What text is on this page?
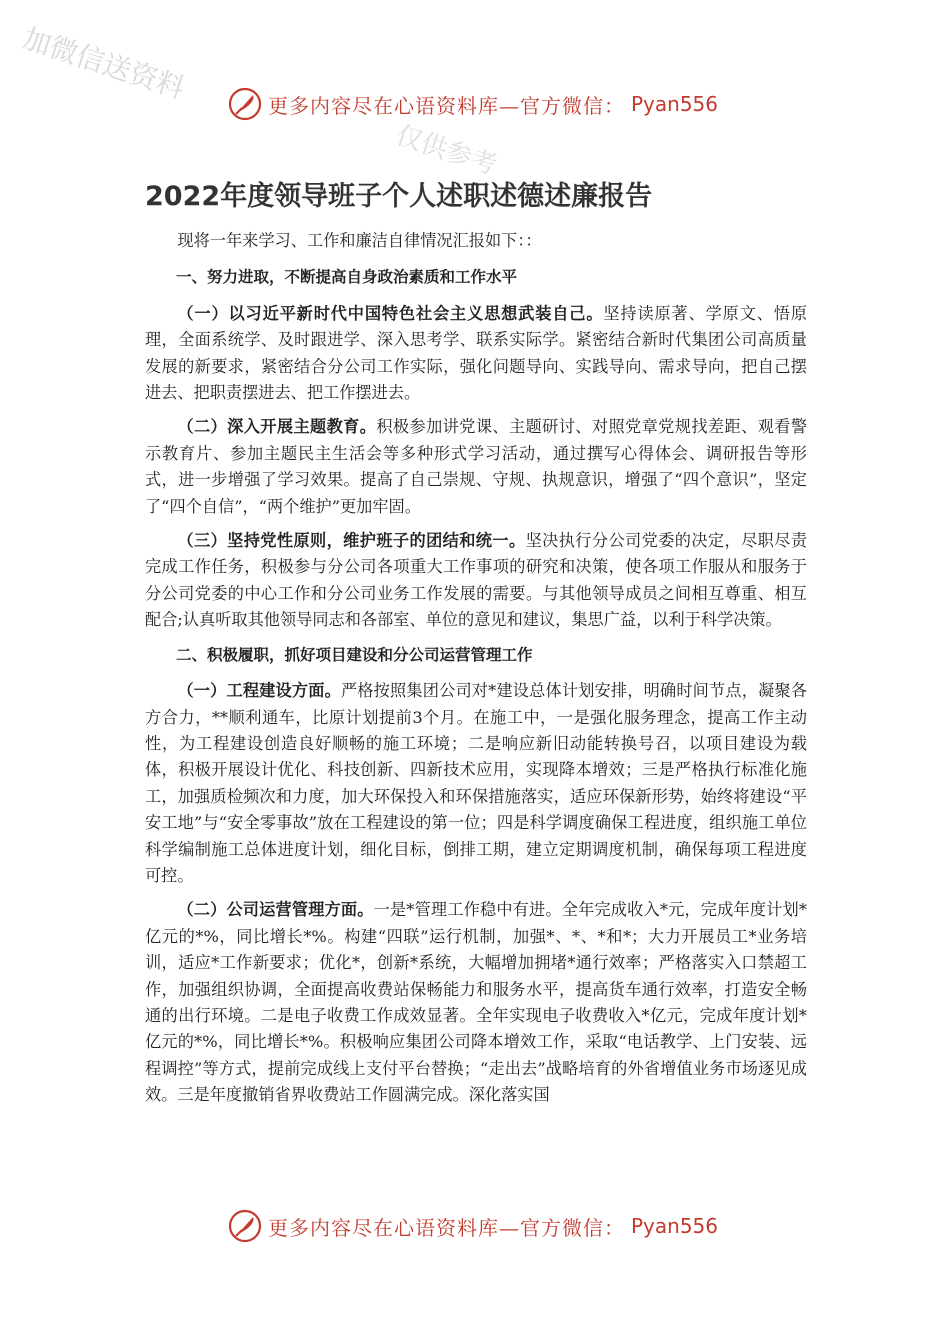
加微信送资料
仅供参考
更多内容尽在心语资料库—官方微信： Pyan556
2022年度领导班子个人述职述德述廉报告

现将一年来学习、工作和廉洁自律情况汇报如下：：

一、努力进取，不断提高自身政治素质和工作水平

（一）以习近平新时代中国特色社会主义思想武装自己。坚持读原著、学原文、悟原理，全面系统学、及时跟进学、深入思考学、联系实际学。紧密结合新时代集团公司高质量发展的新要求，紧密结合分公司工作实际，强化问题导向、实践导向、需求导向，把自己摆进去、把职责摆进去、把工作摆进去。

（二）深入开展主题教育。积极参加讲党课、主题研讨、对照党章党规找差距、观看警示教育片、参加主题民主生活会等多种形式学习活动，通过撰写心得体会、调研报告等形式，进一步增强了学习效果。提高了自己崇规、守规、执规意识，增强了“四个意识”，坚定了“四个自信”，“两个维护”更加牢固。

（三）坚持党性原则，维护班子的团结和统一。坚决执行分公司党委的决定，尽职尽责完成工作任务，积极参与分公司各项重大工作事项的研究和决策，使各项工作服从和服务于分公司党委的中心工作和分公司业务工作发展的需要。与其他领导成员之间相互尊重、相互配合;认真听取其他领导同志和各部室、单位的意见和建议，集思广益，以利于科学决策。

二、积极履职，抓好项目建设和分公司运营管理工作

（一）工程建设方面。严格按照集团公司对*建设总体计划安排，明确时间节点，凝聚各方合力，**顺利通车，比原计划提前3个月。在施工中，一是强化服务理念，提高工作主动性，为工程建设创造良好顺畅的施工环境；二是响应新旧动能转换号召，以项目建设为载体，积极开展设计优化、科技创新、四新技术应用，实现降本增效；三是严格执行标准化施工，加强质检频次和力度，加大环保投入和环保措施落实，适应环保新形势，始终将建设“平安工地”与“安全零事故”放在工程建设的第一位；四是科学调度确保工程进度，组织施工单位科学编制施工总体进度计划，细化目标，倒排工期，建立定期调度机制，确保每项工程进度可控。

（二）公司运营管理方面。一是*管理工作稳中有进。全年完成收入*元，完成年度计划*亿元的*%，同比增长*%。构建“四联”运行机制，加强*、*、*和*；大力开展员工*业务培训，适应*工作新要求；优化*，创新*系统，大幅增加拥堵*通行效率；严格落实入口禁超工作，加强组织协调，全面提高收费站保畅能力和服务水平，提高货车通行效率，打造安全畅通的出行环境。二是电子收费工作成效显著。全年实现电子收费收入*亿元，完成年度计划*亿元的*%，同比增长*%。积极响应集团公司降本增效工作，采取“电话教学、上门安装、远程调控”等方式，提前完成线上支付平台替换；“走出去”战略培育的外省增值业务市场逐见成效。三是年度撤销省界收费站工作圆满完成。深化落实国

更多内容尽在心语资料库—官方微信： Pyan556
